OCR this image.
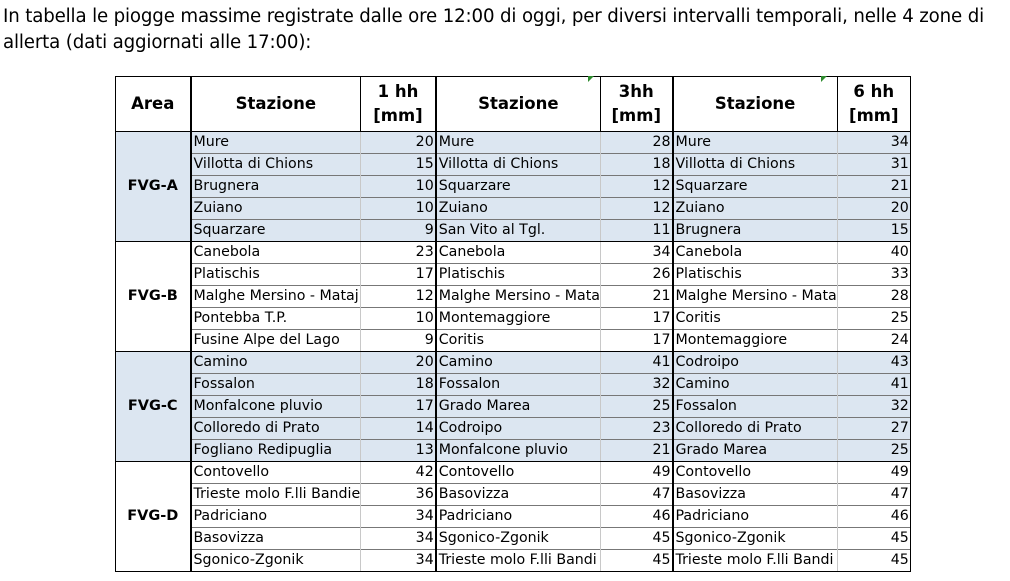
In tabella le piogge massime registrate dalle ore 12:00 di oggi, per diversi intervalli temporali, nelle 4 zone di allerta (dati aggiornati alle 17:00):
Area	Stazione	1 hh [mm]	Stazione	3hh [mm]	Stazione	6 hh [mm]
FVG-A	Mure	20	Mure	28	Mure	34
	Villotta di Chions	15	Villotta di Chions	18	Villotta di Chions	31
	Brugnera	10	Squarzare	12	Squarzare	21
	Zuiano	10	Zuiano	12	Zuiano	20
	Squarzare	9	San Vito al Tgl.	11	Brugnera	15
FVG-B	Canebola	23	Canebola	34	Canebola	40
	Platischis	17	Platischis	26	Platischis	33
	Malghe Mersino - Mataj	12	Malghe Mersino - Mata	21	Malghe Mersino - Mata	28
	Pontebba T.P.	10	Montemaggiore	17	Coritis	25
	Fusine Alpe del Lago	9	Coritis	17	Montemaggiore	24
FVG-C	Camino	20	Camino	41	Codroipo	43
	Fossalon	18	Fossalon	32	Camino	41
	Monfalcone pluvio	17	Grado Marea	25	Fossalon	32
	Colloredo di Prato	14	Codroipo	23	Colloredo di Prato	27
	Fogliano Redipuglia	13	Monfalcone pluvio	21	Grado Marea	25
FVG-D	Contovello	42	Contovello	49	Contovello	49
	Trieste molo F.lli Bandie	36	Basovizza	47	Basovizza	47
	Padriciano	34	Padriciano	46	Padriciano	46
	Basovizza	34	Sgonico-Zgonik	45	Sgonico-Zgonik	45
	Sgonico-Zgonik	34	Trieste molo F.lli Bandi	45	Trieste molo F.lli Bandi	45
